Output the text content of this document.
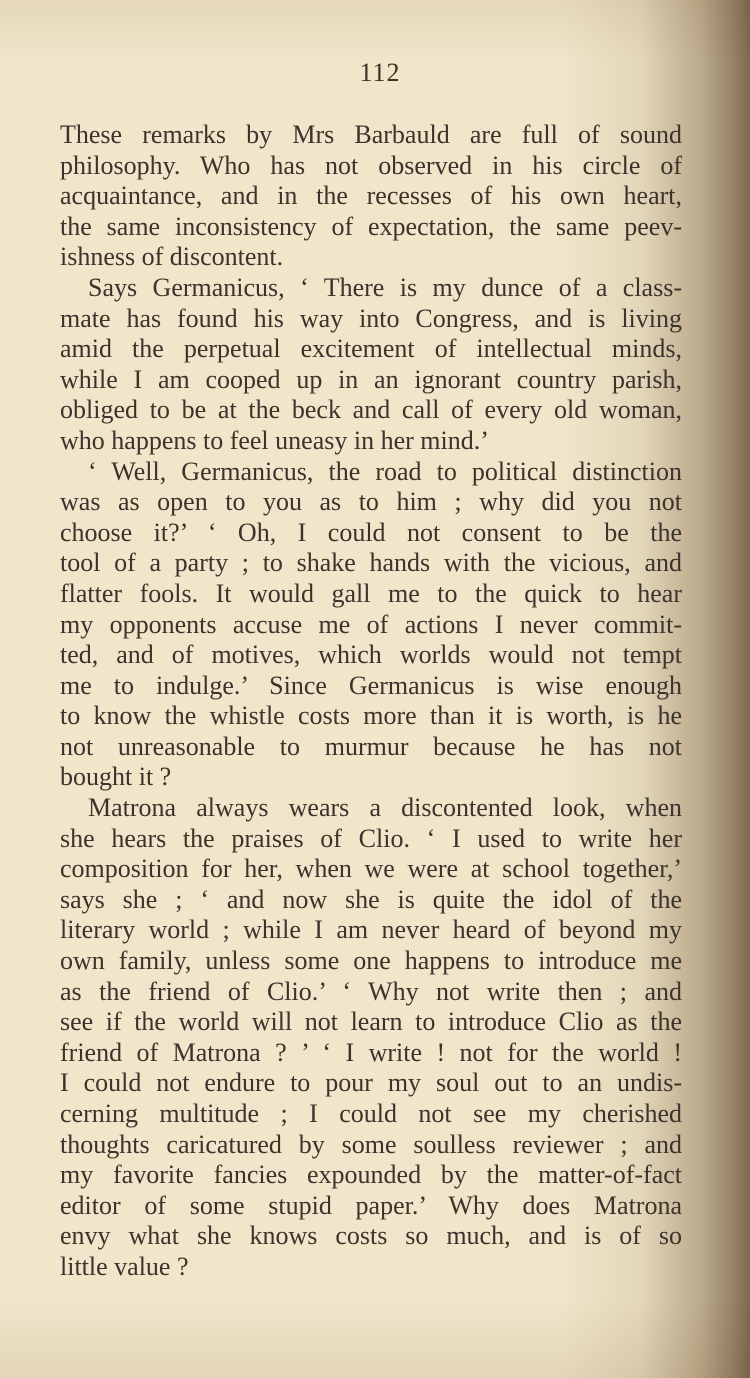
112
These remarks by Mrs Barbauld are full of sound
philosophy. Who has not observed in his circle of
acquaintance, and in the recesses of his own heart,
the same inconsistency of expectation, the same peev-
ishness of discontent.
Says Germanicus, ‘ There is my dunce of a class-
mate has found his way into Congress, and is living
amid the perpetual excitement of intellectual minds,
while I am cooped up in an ignorant country parish,
obliged to be at the beck and call of every old woman,
who happens to feel uneasy in her mind.’
‘ Well, Germanicus, the road to political distinction
was as open to you as to him ; why did you not
choose it?’ ‘ Oh, I could not consent to be the
tool of a party ; to shake hands with the vicious, and
flatter fools. It would gall me to the quick to hear
my opponents accuse me of actions I never commit-
ted, and of motives, which worlds would not tempt
me to indulge.’ Since Germanicus is wise enough
to know the whistle costs more than it is worth, is he
not unreasonable to murmur because he has not
bought it ?
Matrona always wears a discontented look, when
she hears the praises of Clio. ‘ I used to write her
composition for her, when we were at school together,’
says she ; ‘ and now she is quite the idol of the
literary world ; while I am never heard of beyond my
own family, unless some one happens to introduce me
as the friend of Clio.’ ‘ Why not write then ; and
see if the world will not learn to introduce Clio as the
friend of Matrona ? ’ ‘ I write ! not for the world !
I could not endure to pour my soul out to an undis-
cerning multitude ; I could not see my cherished
thoughts caricatured by some soulless reviewer ; and
my favorite fancies expounded by the matter-of-fact
editor of some stupid paper.’ Why does Matrona
envy what she knows costs so much, and is of so
little value ?
